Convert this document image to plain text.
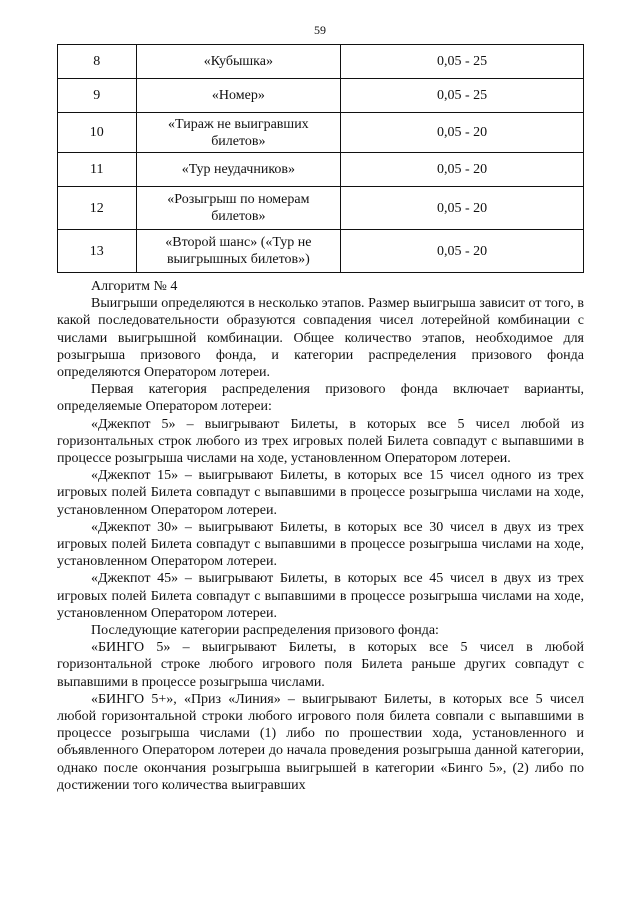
59
8	«Кубышка»	0,05 - 25
9	«Номер»	0,05 - 25
10	«Тираж не выигравших билетов»	0,05 - 20
11	«Тур неудачников»	0,05 - 20
12	«Розыгрыш по номерам билетов»	0,05 - 20
13	«Второй шанс» («Тур не выигрышных билетов»)	0,05 - 20

Алгоритм № 4

Выигрыши определяются в несколько этапов. Размер выигрыша зависит от того, в какой последовательности образуются совпадения чисел лотерейной комбинации с числами выигрышной комбинации. Общее количество этапов, необходимое для розыгрыша призового фонда, и категории распределения призового фонда определяются Оператором лотереи.

Первая категория распределения призового фонда включает варианты, определяемые Оператором лотереи:

«Джекпот 5» – выигрывают Билеты, в которых все 5 чисел любой из горизонтальных строк любого из трех игровых полей Билета совпадут с выпавшими в процессе розыгрыша числами на ходе, установленном Оператором лотереи.

«Джекпот 15» – выигрывают Билеты, в которых все 15 чисел одного из трех игровых полей Билета совпадут с выпавшими в процессе розыгрыша числами на ходе, установленном Оператором лотереи.

«Джекпот 30» – выигрывают Билеты, в которых все 30 чисел в двух из трех игровых полей Билета совпадут с выпавшими в процессе розыгрыша числами на ходе, установленном Оператором лотереи.

«Джекпот 45» – выигрывают Билеты, в которых все 45 чисел в двух из трех игровых полей Билета совпадут с выпавшими в процессе розыгрыша числами на ходе, установленном Оператором лотереи.

Последующие категории распределения призового фонда:

«БИНГО 5» – выигрывают Билеты, в которых все 5 чисел в любой горизонтальной строке любого игрового поля Билета раньше других совпадут с выпавшими в процессе розыгрыша числами.

«БИНГО 5+», «Приз «Линия» – выигрывают Билеты, в которых все 5 чисел любой горизонтальной строки любого игрового поля билета совпали с выпавшими в процессе розыгрыша числами (1) либо по прошествии хода, установленного и объявленного Оператором лотереи до начала проведения розыгрыша данной категории, однако после окончания розыгрыша выигрышей в категории «Бинго 5», (2) либо по достижении того количества выигравших
